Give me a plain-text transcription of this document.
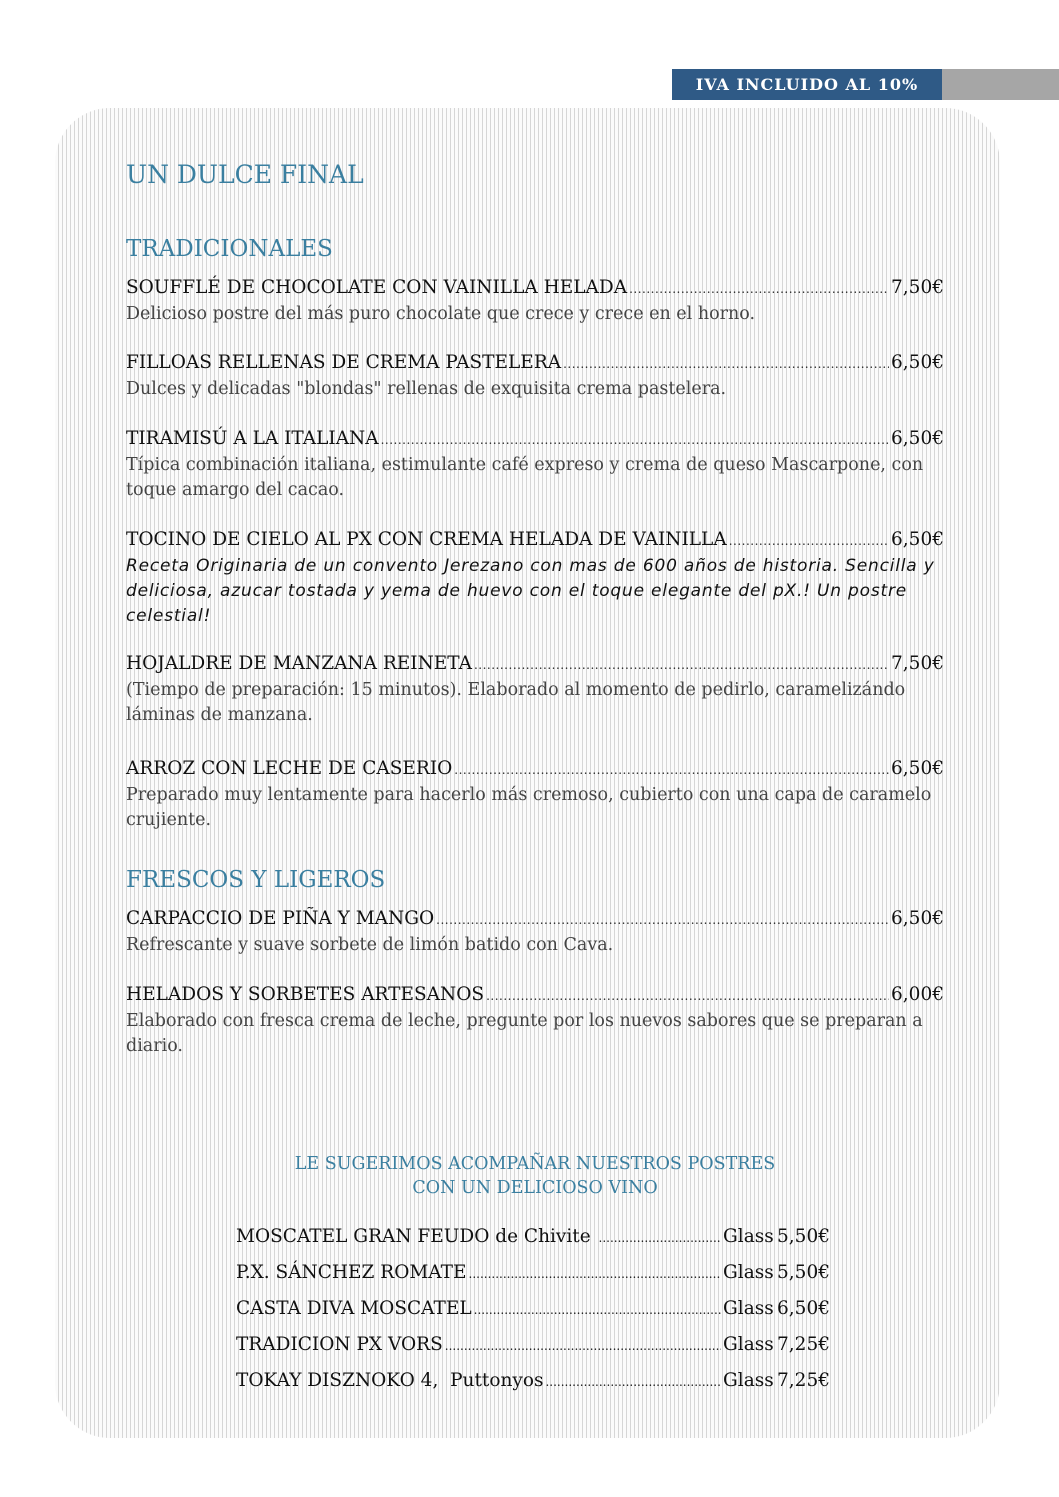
IVA INCLUIDO AL 10%
UN DULCE FINAL
TRADICIONALES
SOUFFLÉ DE CHOCOLATE CON VAINILLA HELADA .....	7,50€

Delicioso postre del más puro chocolate que crece y crece en el horno.

FILLOAS RELLENAS DE CREMA PASTELERA .....	6,50€

Dulces y delicadas "blondas" rellenas de exquisita crema pastelera.

TIRAMISÚ A LA ITALIANA .....	6,50€

Típica combinación italiana, estimulante café expreso y crema de queso Mascarpone, con toque amargo del cacao.

TOCINO DE CIELO AL PX CON CREMA HELADA DE VAINILLA .....	6,50€

Receta Originaria de un convento Jerezano con mas de 600 años de historia. Sencilla y deliciosa, azucar tostada y yema de huevo con el toque elegante del pX.! Un postre celestial!

HOJALDRE DE MANZANA REINETA .....	7,50€

(Tiempo de preparación: 15 minutos). Elaborado al momento de pedirlo, caramelizándo láminas de manzana.

ARROZ CON LECHE DE CASERIO .....	6,50€

Preparado muy lentamente para hacerlo más cremoso, cubierto con una capa de caramelo crujiente.

FRESCOS Y LIGEROS
CARPACCIO DE PIÑA Y MANGO .....	6,50€

Refrescante y suave sorbete de limón batido con Cava.

HELADOS Y SORBETES ARTESANOS .....	6,00€

Elaborado con fresca crema de leche, pregunte por los nuevos sabores que se preparan a diario.

LE SUGERIMOS ACOMPAÑAR NUESTROS POSTRES
CON UN DELICIOSO VINO
MOSCATEL GRAN FEUDO de Chivite .....	Glass 5,50€
P.X. SÁNCHEZ ROMATE .....	Glass 5,50€
CASTA DIVA MOSCATEL .....	Glass 6,50€
TRADICION PX VORS .....	Glass 7,25€
TOKAY DISZNOKO 4,  Puttonyos .....	Glass 7,25€
